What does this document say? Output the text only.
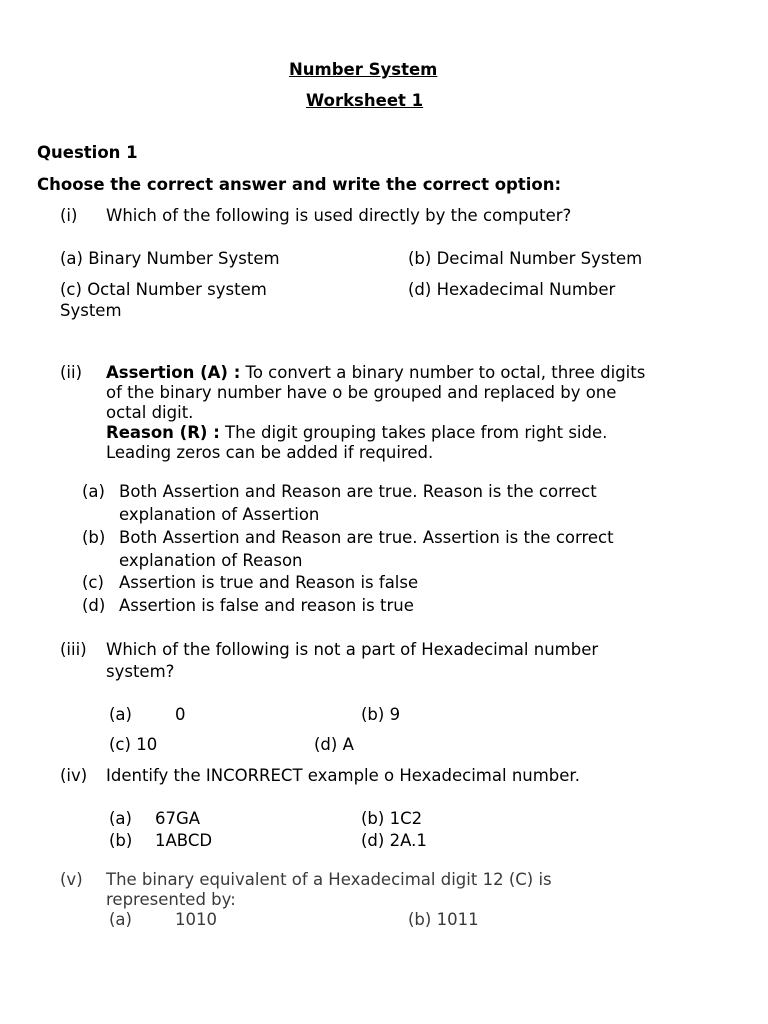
Number System
Worksheet 1
Question 1
Choose the correct answer and write the correct option:
(i) Which of the following is used directly by the computer?
(a) Binary Number System	(b) Decimal Number System
(c) Octal Number system	(d) Hexadecimal Number
System
(ii) Assertion (A) : To convert a binary number to octal, three digits
of the binary number have o be grouped and replaced by one
octal digit.
Reason (R) : The digit grouping takes place from right side.
Leading zeros can be added if required.
(a) Both Assertion and Reason are true. Reason is the correct
explanation of Assertion
(b) Both Assertion and Reason are true. Assertion is the correct
explanation of Reason
(c) Assertion is true and Reason is false
(d) Assertion is false and reason is true
(iii) Which of the following is not a part of Hexadecimal number
system?
(a)	0	(b) 9
(c) 10	(d) A
(iv) Identify the INCORRECT example o Hexadecimal number.
(a) 67GA	(b) 1C2
(b) 1ABCD	(d) 2A.1
(v) The binary equivalent of a Hexadecimal digit 12 (C) is
represented by:
(a)	1010	(b) 1011
